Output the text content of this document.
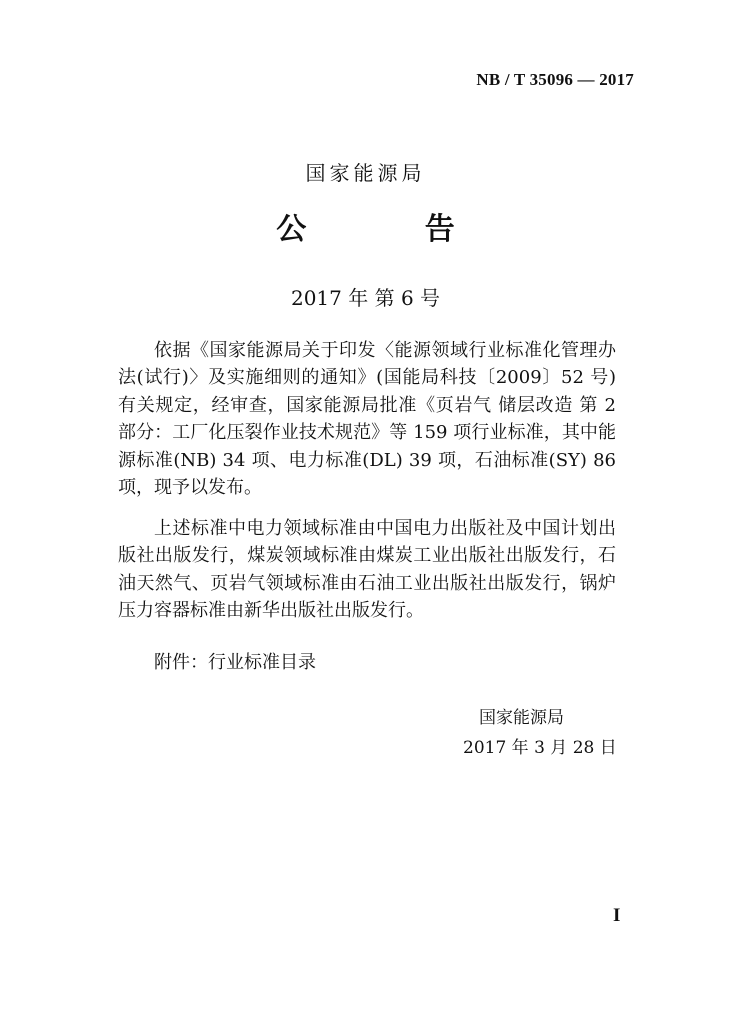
NB / T 35096 — 2017
国家能源局
公 告
2017 年 第 6 号

依据《国家能源局关于印发〈能源领域行业标准化管理办法(试行)〉及实施细则的通知》(国能局科技〔2009〕52 号)有关规定，经审查，国家能源局批准《页岩气 储层改造 第 2 部分：工厂化压裂作业技术规范》等 159 项行业标准，其中能源标准(NB) 34 项、电力标准(DL) 39 项，石油标准(SY) 86 项，现予以发布。

上述标准中电力领域标准由中国电力出版社及中国计划出版社出版发行，煤炭领域标准由煤炭工业出版社出版发行，石油天然气、页岩气领域标准由石油工业出版社出版发行，锅炉压力容器标准由新华出版社出版发行。

附件：行业标准目录
国家能源局
2017 年 3 月 28 日
I
